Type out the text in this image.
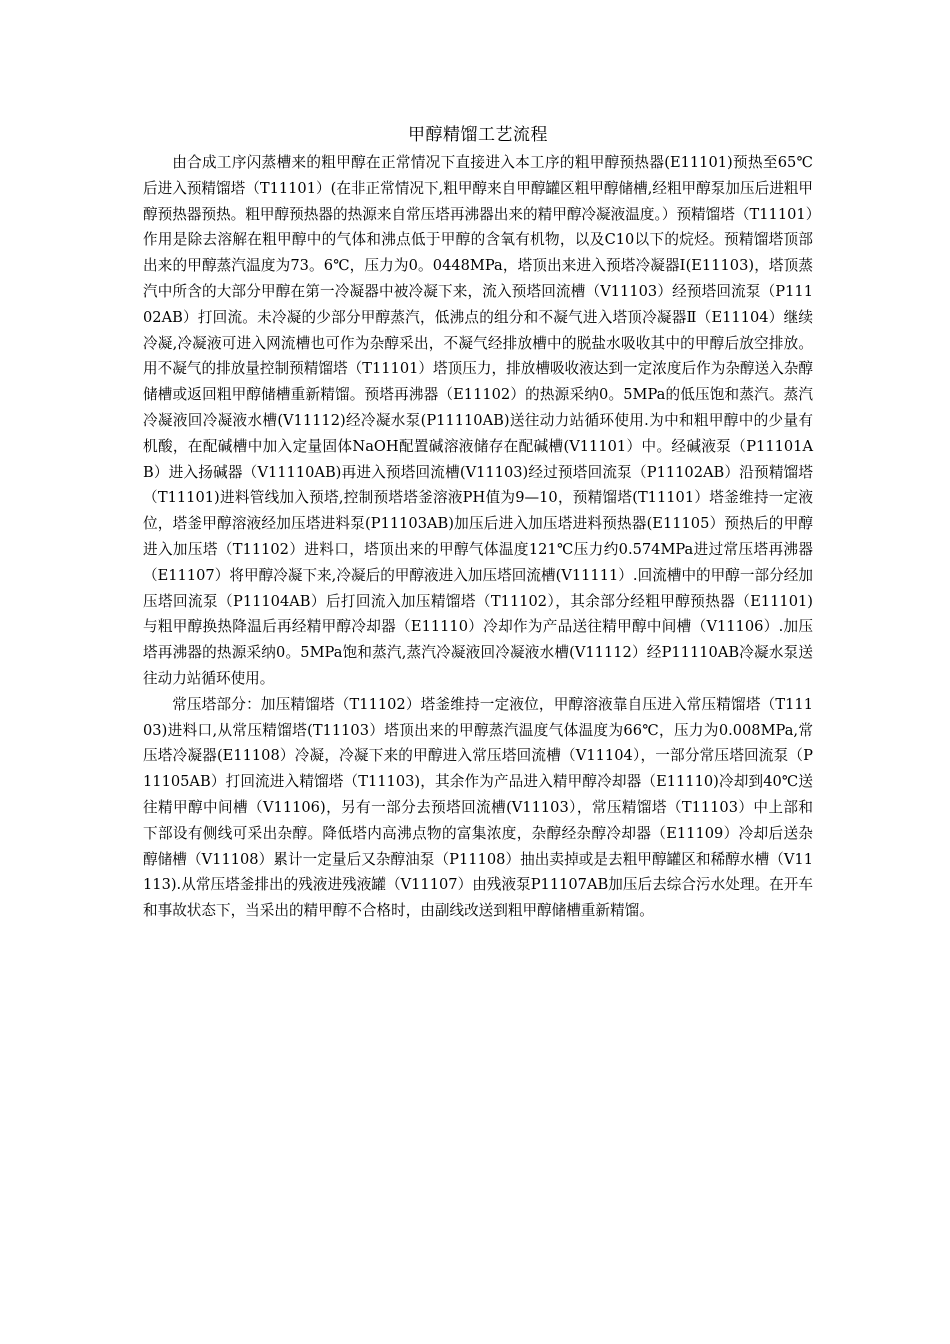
甲醇精馏工艺流程

由合成工序闪蒸槽来的粗甲醇在正常情况下直接进入本工序的粗甲醇预热器(E11101)预热至65℃后进入预精馏塔（T11101）(在非正常情况下,粗甲醇来自甲醇罐区粗甲醇储槽,经粗甲醇泵加压后进粗甲醇预热器预热。粗甲醇预热器的热源来自常压塔再沸器出来的精甲醇冷凝液温度。）预精馏塔（T11101）作用是除去溶解在粗甲醇中的气体和沸点低于甲醇的含氧有机物，以及C10以下的烷烃。预精馏塔顶部出来的甲醇蒸汽温度为73。6℃，压力为0。0448MPa，塔顶出来进入预塔冷凝器Ⅰ(E11103)，塔顶蒸汽中所含的大部分甲醇在第一冷凝器中被冷凝下来，流入预塔回流槽（V11103）经预塔回流泵（P11102AB）打回流。未冷凝的少部分甲醇蒸汽，低沸点的组分和不凝气进入塔顶冷凝器Ⅱ（E11104）继续冷凝,冷凝液可进入网流槽也可作为杂醇采出，不凝气经排放槽中的脱盐水吸收其中的甲醇后放空排放。用不凝气的排放量控制预精馏塔（T11101）塔顶压力，排放槽吸收液达到一定浓度后作为杂醇送入杂醇储槽或返回粗甲醇储槽重新精馏。预塔再沸器（E11102）的热源采纳0。5MPa的低压饱和蒸汽。蒸汽冷凝液回冷凝液水槽(V11112)经冷凝水泵(P11110AB)送往动力站循环使用.为中和粗甲醇中的少量有机酸，在配碱槽中加入定量固体NaOH配置碱溶液储存在配碱槽(V11101）中。经碱液泵（P11101AB）进入扬碱器（V11110AB)再进入预塔回流槽(V11103)经过预塔回流泵（P11102AB）沿预精馏塔（T11101)进料管线加入预塔,控制预塔塔釜溶液PH值为9—10，预精馏塔(T11101）塔釜维持一定液位，塔釜甲醇溶液经加压塔进料泵(P11103AB)加压后进入加压塔进料预热器(E11105）预热后的甲醇进入加压塔（T11102）进料口，塔顶出来的甲醇气体温度121℃压力约0.574MPa进过常压塔再沸器（E11107）将甲醇冷凝下来,冷凝后的甲醇液进入加压塔回流槽(V11111）.回流槽中的甲醇一部分经加压塔回流泵（P11104AB）后打回流入加压精馏塔（T11102），其余部分经粗甲醇预热器（E11101)与粗甲醇换热降温后再经精甲醇冷却器（E11110）冷却作为产品送往精甲醇中间槽（V11106）.加压塔再沸器的热源采纳0。5MPa饱和蒸汽,蒸汽冷凝液回冷凝液水槽(V11112）经P11110AB冷凝水泵送往动力站循环使用。

常压塔部分：加压精馏塔（T11102）塔釜维持一定液位，甲醇溶液靠自压进入常压精馏塔（T11103)进料口,从常压精馏塔(T11103）塔顶出来的甲醇蒸汽温度气体温度为66℃，压力为0.008MPa,常压塔冷凝器(E11108）冷凝，冷凝下来的甲醇进入常压塔回流槽（V11104），一部分常压塔回流泵（P11105AB）打回流进入精馏塔（T11103)，其余作为产品进入精甲醇冷却器（E11110)冷却到40℃送往精甲醇中间槽（V11106)，另有一部分去预塔回流槽(V11103），常压精馏塔（T11103）中上部和下部设有侧线可采出杂醇。降低塔内高沸点物的富集浓度，杂醇经杂醇冷却器（E11109）冷却后送杂醇储槽（V11108）累计一定量后又杂醇油泵（P11108）抽出卖掉或是去粗甲醇罐区和稀醇水槽（V11113).从常压塔釜排出的残液进残液罐（V11107）由残液泵P11107AB加压后去综合污水处理。在开车和事故状态下，当采出的精甲醇不合格时，由副线改送到粗甲醇储槽重新精馏。
